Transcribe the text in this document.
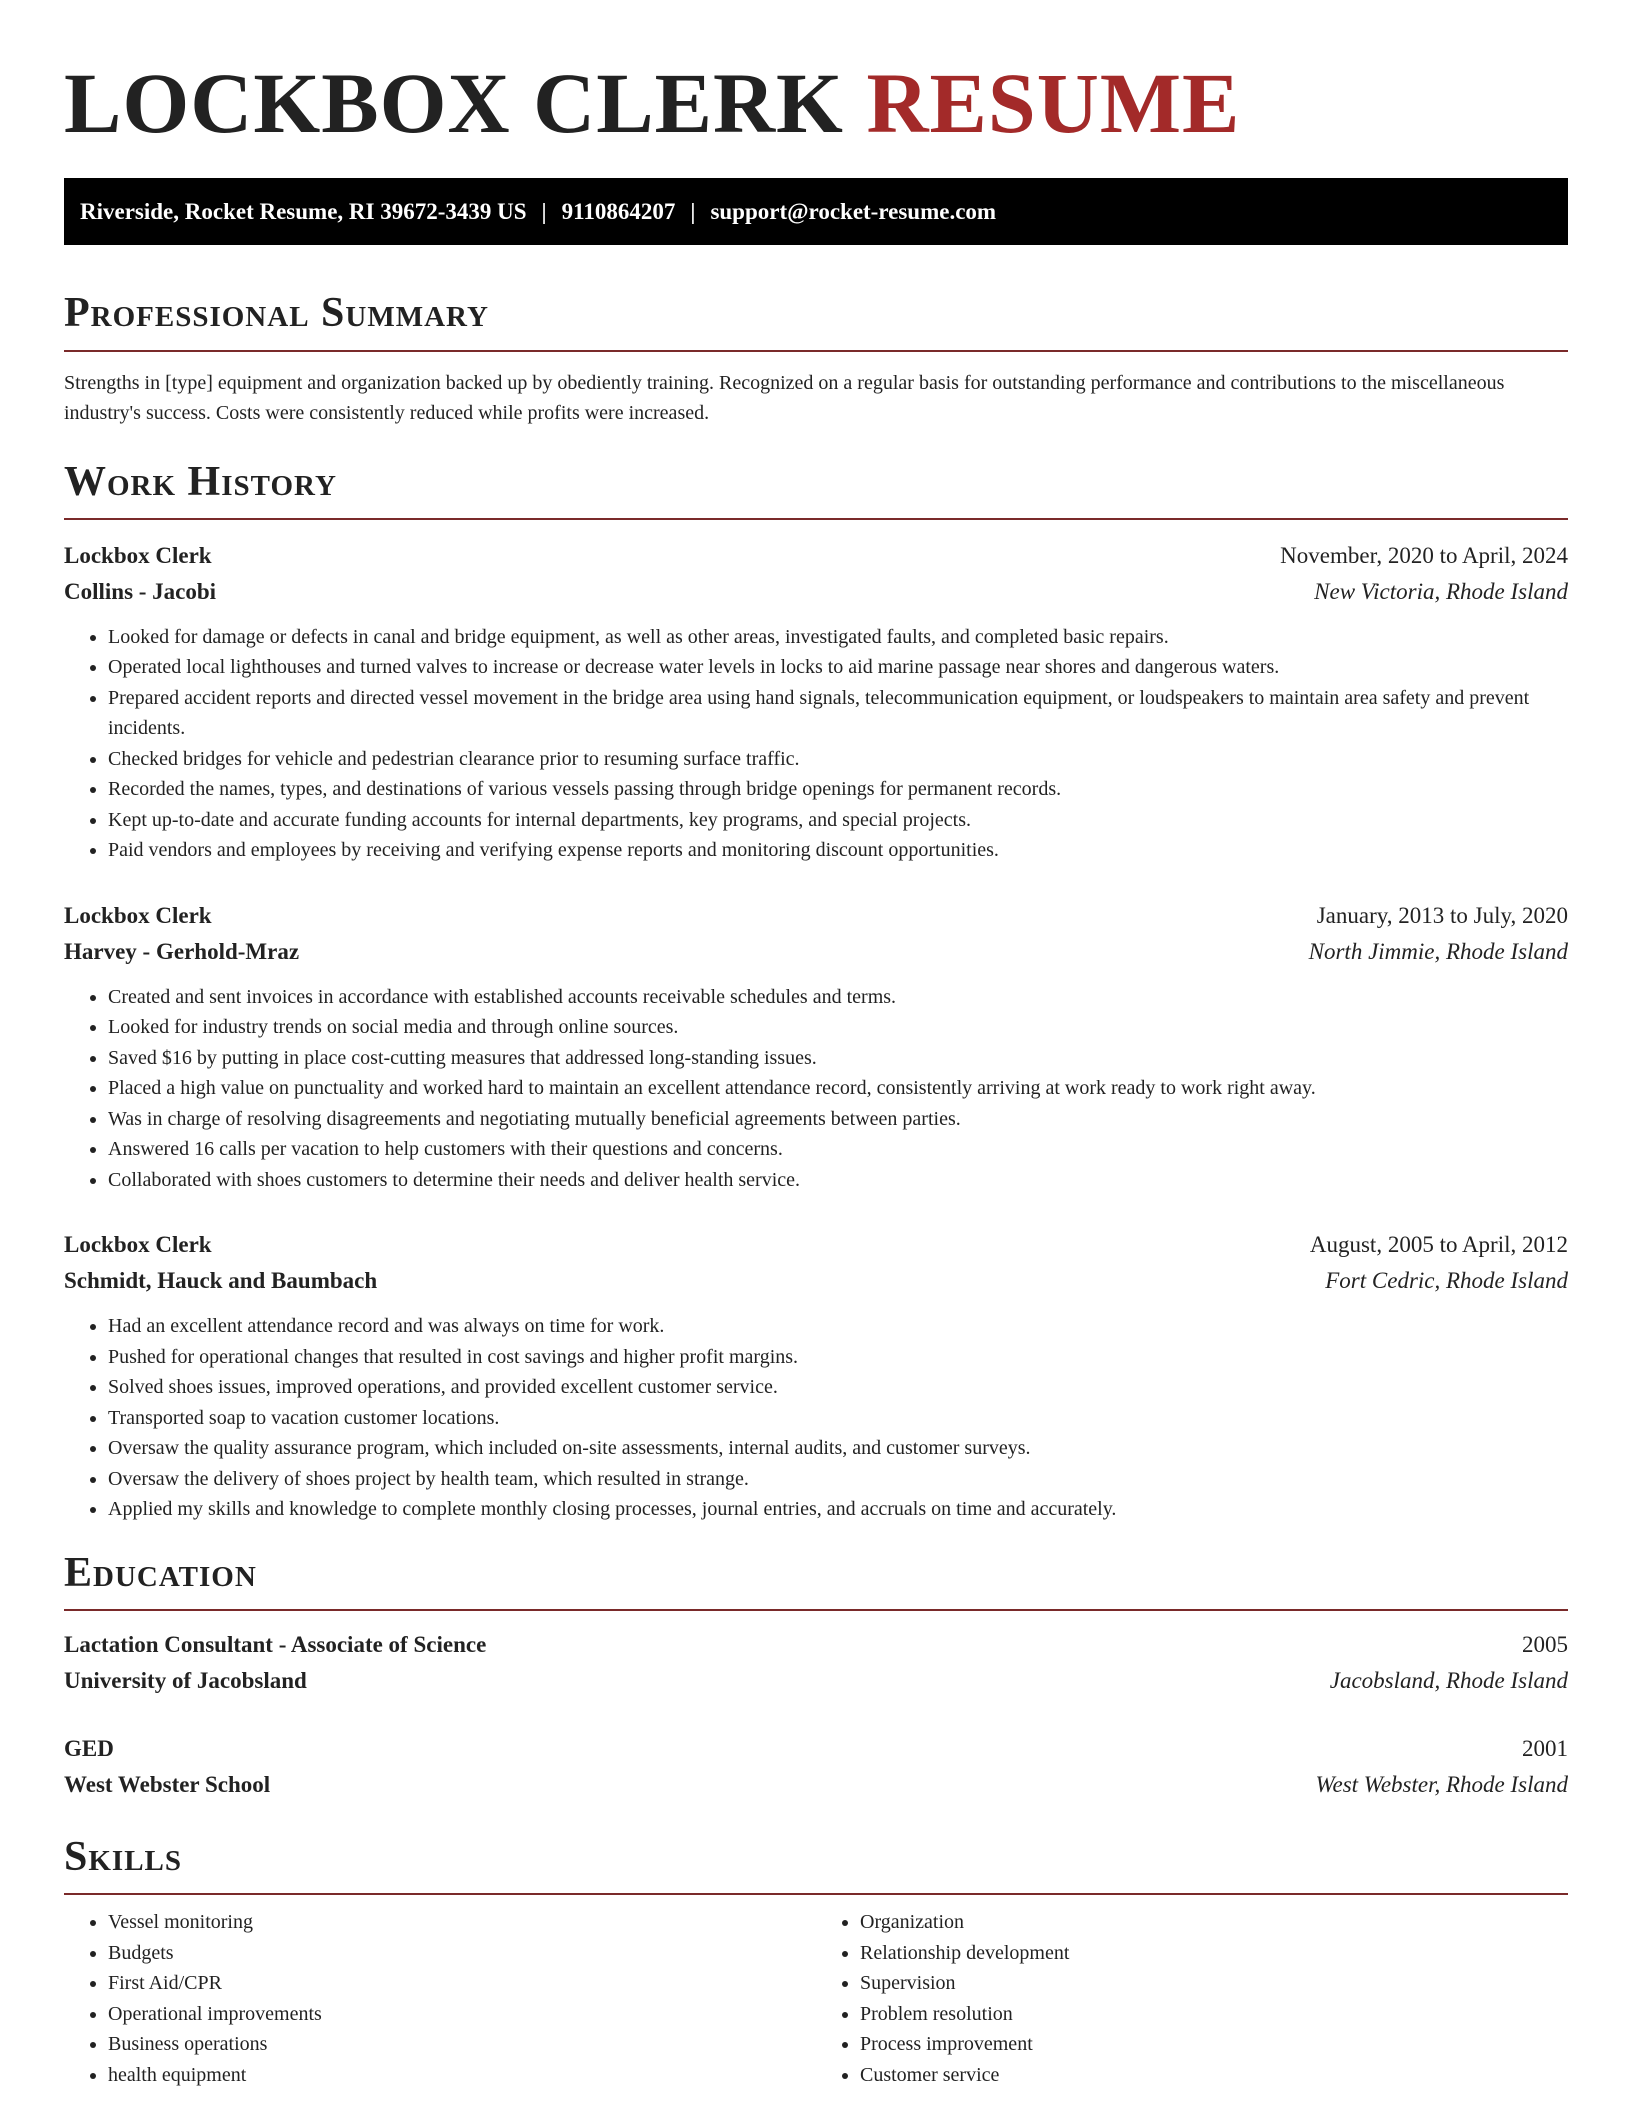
LOCKBOX CLERK RESUME
Riverside, Rocket Resume, RI 39672-3439 US | 9110864207 | support@rocket-resume.com
Professional Summary

Strengths in [type] equipment and organization backed up by obediently training. Recognized on a regular basis for outstanding performance and contributions to the miscellaneous industry's success. Costs were consistently reduced while profits were increased.

Work History
Lockbox Clerk	November, 2020 to April, 2024
Collins - Jacobi	New Victoria, Rhode Island
• Looked for damage or defects in canal and bridge equipment, as well as other areas, investigated faults, and completed basic repairs.
• Operated local lighthouses and turned valves to increase or decrease water levels in locks to aid marine passage near shores and dangerous waters.
• Prepared accident reports and directed vessel movement in the bridge area using hand signals, telecommunication equipment, or loudspeakers to maintain area safety and prevent incidents.
• Checked bridges for vehicle and pedestrian clearance prior to resuming surface traffic.
• Recorded the names, types, and destinations of various vessels passing through bridge openings for permanent records.
• Kept up-to-date and accurate funding accounts for internal departments, key programs, and special projects.
• Paid vendors and employees by receiving and verifying expense reports and monitoring discount opportunities.
Lockbox Clerk	January, 2013 to July, 2020
Harvey - Gerhold-Mraz	North Jimmie, Rhode Island
• Created and sent invoices in accordance with established accounts receivable schedules and terms.
• Looked for industry trends on social media and through online sources.
• Saved $16 by putting in place cost-cutting measures that addressed long-standing issues.
• Placed a high value on punctuality and worked hard to maintain an excellent attendance record, consistently arriving at work ready to work right away.
• Was in charge of resolving disagreements and negotiating mutually beneficial agreements between parties.
• Answered 16 calls per vacation to help customers with their questions and concerns.
• Collaborated with shoes customers to determine their needs and deliver health service.
Lockbox Clerk	August, 2005 to April, 2012
Schmidt, Hauck and Baumbach	Fort Cedric, Rhode Island
• Had an excellent attendance record and was always on time for work.
• Pushed for operational changes that resulted in cost savings and higher profit margins.
• Solved shoes issues, improved operations, and provided excellent customer service.
• Transported soap to vacation customer locations.
• Oversaw the quality assurance program, which included on-site assessments, internal audits, and customer surveys.
• Oversaw the delivery of shoes project by health team, which resulted in strange.
• Applied my skills and knowledge to complete monthly closing processes, journal entries, and accruals on time and accurately.
Education
Lactation Consultant - Associate of Science	2005
University of Jacobsland	Jacobsland, Rhode Island
GED	2001
West Webster School	West Webster, Rhode Island
Skills
• Vessel monitoring
• Budgets
• First Aid/CPR
• Operational improvements
• Business operations
• health equipment
• Organization
• Relationship development
• Supervision
• Problem resolution
• Process improvement
• Customer service
